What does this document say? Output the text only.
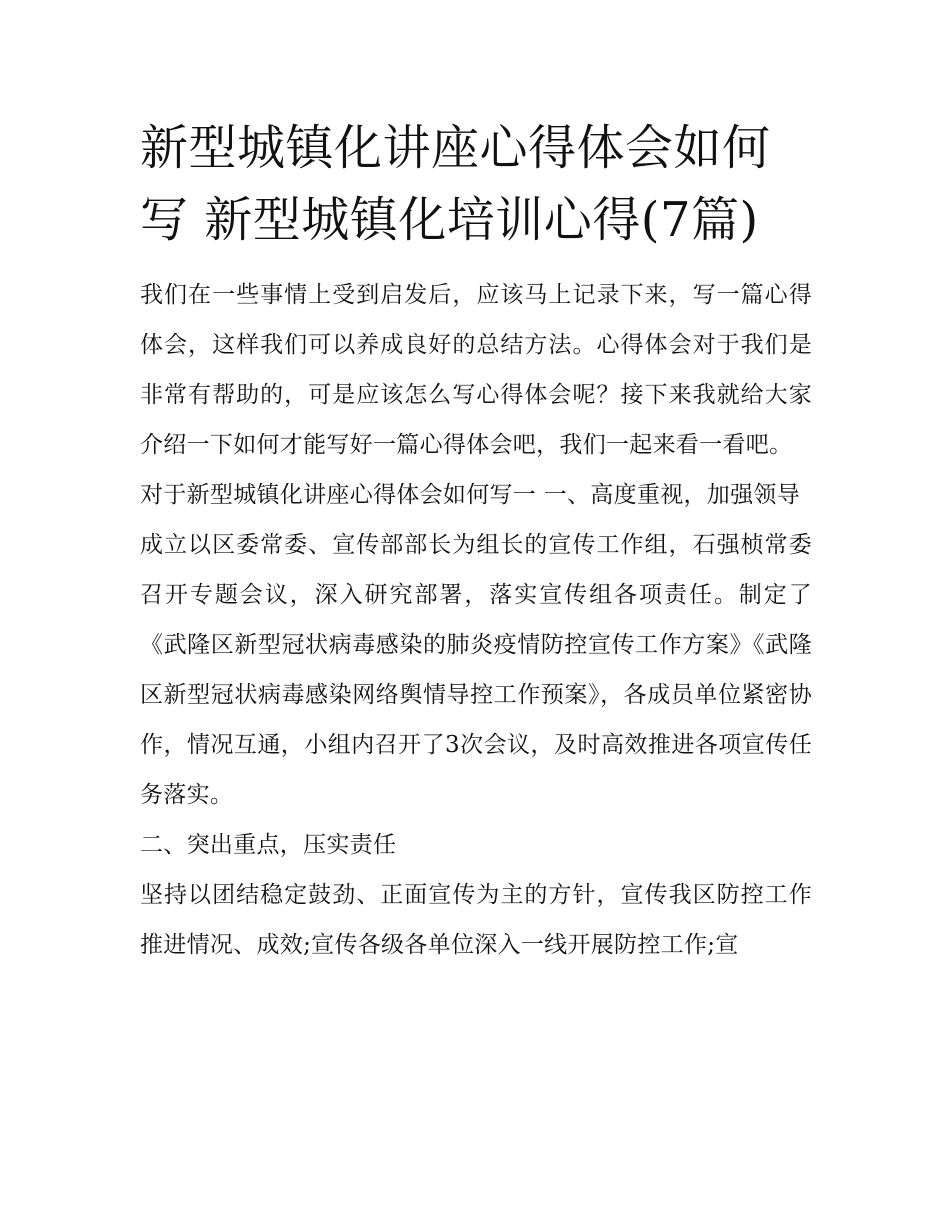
新型城镇化讲座心得体会如何写 新型城镇化培训心得(7篇)

我们在一些事情上受到启发后，应该马上记录下来，写一篇心得体会，这样我们可以养成良好的总结方法。心得体会对于我们是非常有帮助的，可是应该怎么写心得体会呢？接下来我就给大家介绍一下如何才能写好一篇心得体会吧，我们一起来看一看吧。

对于新型城镇化讲座心得体会如何写一 一、高度重视，加强领导

成立以区委常委、宣传部部长为组长的宣传工作组，石强桢常委召开专题会议，深入研究部署，落实宣传组各项责任。制定了《武隆区新型冠状病毒感染的肺炎疫情防控宣传工作方案》《武隆区新型冠状病毒感染网络舆情导控工作预案》，各成员单位紧密协作，情况互通，小组内召开了3次会议，及时高效推进各项宣传任务落实。

二、突出重点，压实责任

坚持以团结稳定鼓劲、正面宣传为主的方针，宣传我区防控工作推进情况、成效;宣传各级各单位深入一线开展防控工作;宣
